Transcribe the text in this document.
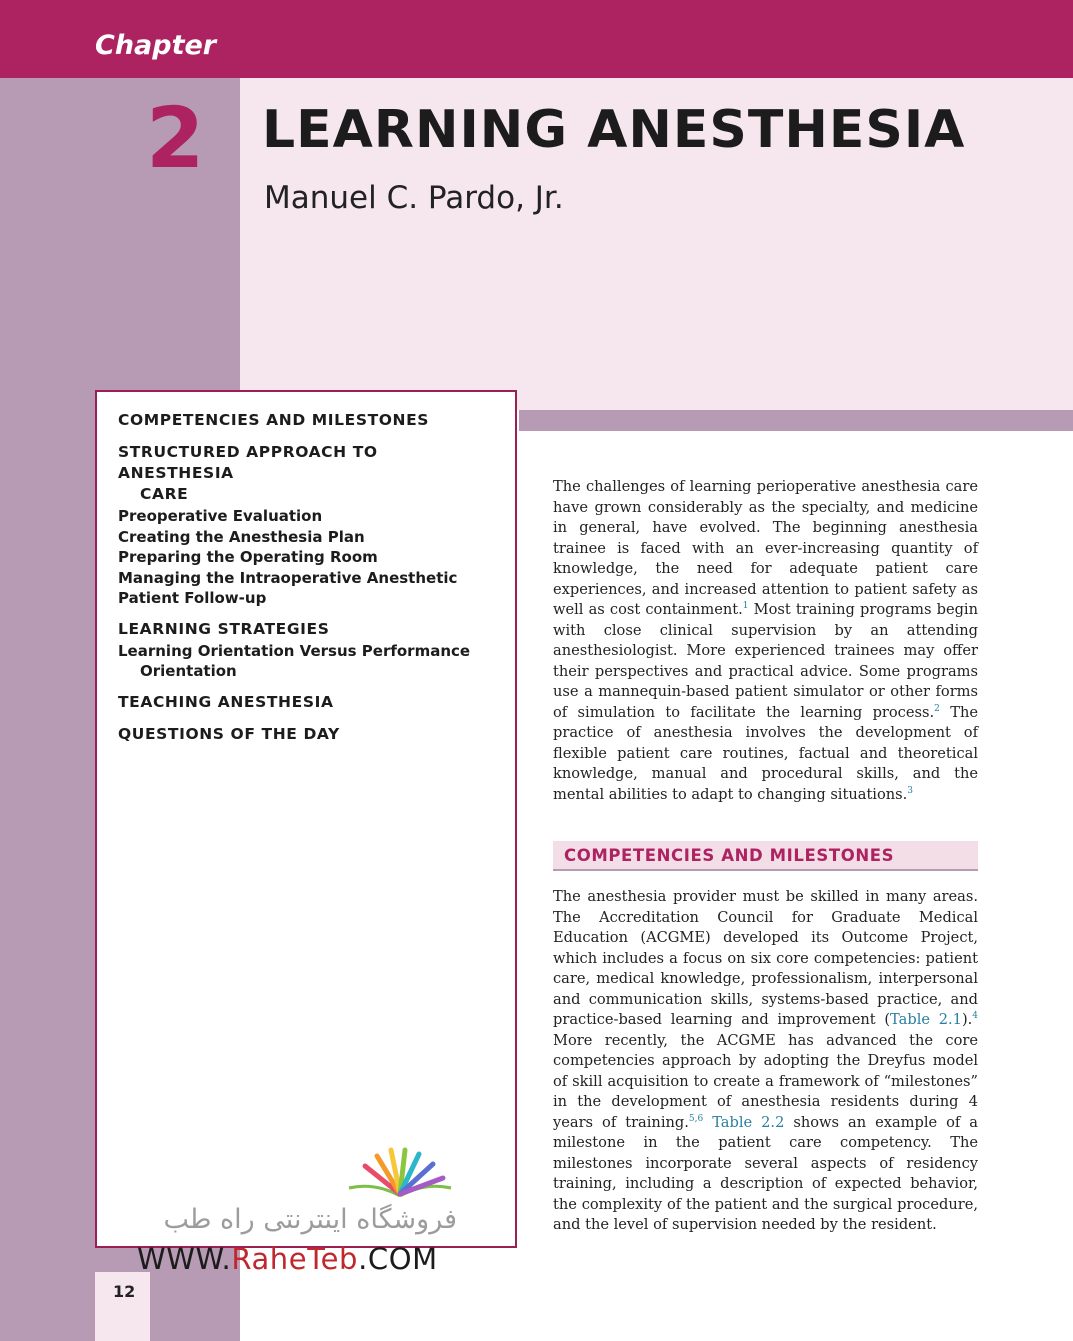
Chapter
2 LEARNING ANESTHESIA
Manuel C. Pardo, Jr.
COMPETENCIES AND MILESTONES
STRUCTURED APPROACH TO ANESTHESIA
CARE
Preoperative Evaluation
Creating the Anesthesia Plan
Preparing the Operating Room
Managing the Intraoperative Anesthetic
Patient Follow-up
LEARNING STRATEGIES
Learning Orientation Versus Performance
Orientation
TEACHING ANESTHESIA
QUESTIONS OF THE DAY

The challenges of learning perioperative anesthesia care have grown considerably as the specialty, and medicine in general, have evolved. The beginning anesthesia trainee is faced with an ever-increasing quantity of knowledge, the need for adequate patient care experiences, and increased attention to patient safety as well as cost containment.$^1$ Most training programs begin with close clinical supervision by an attending anesthesiologist. More experienced trainees may offer their perspectives and practical advice. Some programs use a mannequin-based patient simulator or other forms of simulation to facilitate the learning process.$^2$ The practice of anesthesia involves the development of flexible patient care routines, factual and theoretical knowledge, manual and procedural skills, and the mental abilities to adapt to changing situations.$^3$

COMPETENCIES AND MILESTONES

The anesthesia provider must be skilled in many areas. The Accreditation Council for Graduate Medical Education (ACGME) developed its Outcome Project, which includes a focus on six core competencies: patient care, medical knowledge, professionalism, interpersonal and communication skills, systems-based practice, and practice-based learning and improvement (Table 2.1).$^4$ More recently, the ACGME has advanced the core competencies approach by adopting the Dreyfus model of skill acquisition to create a framework of “milestones” in the development of anesthesia residents during 4 years of training.$^{5,6}$ Table 2.2 shows an example of a milestone in the patient care competency. The milestones incorporate several aspects of residency training, including a description of expected behavior, the complexity of the patient and the surgical procedure, and the level of supervision needed by the resident.

12
فروشگاه اینترنتی راه طب
WWW.RaheTeb.COM
